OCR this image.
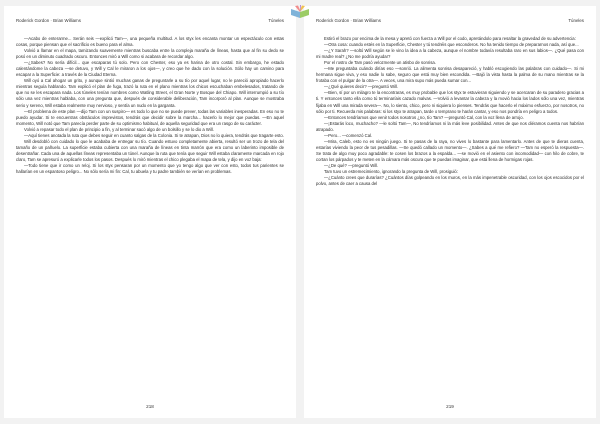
Roderick Gordon · Brian Williams	Túneles

—Acabo de enterarme... Serán seis —explicó Tam—, una pequeña multitud. A los styx les encanta montar un espectáculo con estas cosas, porque piensan que el sacrificio es bueno para el alma.

Volvió a llamar en el mapa, tamizando suavemente mientras buscaba entre la compleja maraña de líneas, hasta que al fin su dedo se posó en un diminuto cuadrado oscuro. Entonces miró a Will como si acabara de recordar algo.

—¿Sabes? No sería difícil... que escaparas tú solo. Pero con Chester, eso ya es harina de otro costal. Sin embargo, he estado calentándome la cabeza —se detuvo, y Will y Cal le miraron a los ojos—, y creo que he dado con la solución. Sólo hay un camino para escapar a la Superficie: a través de la Ciudad Eterna.

Will oyó a Cal ahogar un grito, y aunque sintió muchas ganas de preguntarle a su tío por aquel lugar, no le pareció apropiado hacerlo mientras seguía hablando. Tam explicó el plan de fuga, trazó la ruta en el plano mientras los chicos escuchaban embelesados, tratando de que no se les escapara nada. Los túneles tenían nombres como Watling Street, el Gran Norte y Bosque del Chiapo. Will interrumpió a su tío sólo una vez mientras hablaba, con una pregunta que, después de considerable deliberación, Tam incorporó al plan. Aunque se mostraba serio y sereno, Will estaba realmente muy nervioso, y sentía un nudo en la garganta.

—El problema de este plan —dijo Tam con un suspiro— es todo lo que no se puede prever, todas las variables inesperadas. En eso no te puedo ayudar. Si te encuentras obstáculos imprevistos, tendrás que decidir sobre la marcha... hacerlo lo mejor que puedas. —En aquel momento, Will notó que Tam parecía perder parte de su optimismo habitual, de aquella seguridad que era un rasgo de su carácter.

Volvió a repasar todo el plan de principio a fin, y al terminar sacó algo de un bolsillo y se lo dio a Will.

—Aquí tienes anotada la ruta que debes seguir en cuanto salgas de la Colonia. Si te atrapan, Dios no lo quiera, tendrás que tragarte esto.

Will desdobló con cuidado lo que le acababa de entregar su tío. Cuando estuvo completamente abierta, resultó ser un trozo de tela del tamaño de un pañuelo. La superficie estaba cubierta con una maraña de líneas en tinta marrón que era como un laberinto imposible de desentrañar. Cada una de aquellas líneas representaba un túnel. Aunque la ruta que tenía que seguir Will estaba claramente marcada en rojo claro, Tam se apresuró a explicarle todos los pasos. Después lo miró mientras el chico plegaba el mapa de tela, y dijo en voz baja:

—Todo tiene que ir como un reloj. Si los styx pensaran por un momento que yo tengo algo que ver con esto, todos tus parientes se hallarían en un espantoso peligro... No sólo sería mi fin: Cal, tu abuela y tu padre también se verían en problemas.

218
Roderick Gordon · Brian Williams	Túneles

Estiró el brazo por encima de la mesa y apretó con fuerza a Will por el codo, apretándolo para resaltar la gravedad de su advertencia:

—Otra cosa: cuando estés en la Superficie, Chester y tú tendréis que esconderos. No ha tenido tiempo de prepararnos nada, así que...

—¿Y Sarah? —soltó Will según se le vino la idea a la cabeza, aunque el nombre todavía resultaba raro en sus labios—. ¿Qué pasa con mi madre real? ¿No me podría ayudar?

Por el rostro de Tam pasó velozmente un atisbo de sonrisa.

—Me preguntaba cuándo dirías eso —sonrió. La alimenta sonrisa desapareció, y habló escogiendo las palabras con cuidado—. Si mi hermana sigue viva, y eso nadie lo sabe, seguro que está muy bien escondida. —Bajó la vista hasta la palma de su mano mientras se la frotaba con el pulgar de la otra—. A veces, una mira supo más pueda sumar con...

—¿Qué quieres decir? —preguntó Will.

—Bien, sí por un milagro te la encontraras, es muy probable que los styx te estuvieran siguiendo y se acercaran de su paradero gracias a ti. Y entonces tanto ella como tú terminaríais cazado malvas. —Volvió a levantar la cabeza y la movió hacia los lados sólo una vez, mientras fijaba en Will una mirada severa—. No, lo siento, chico, pero ni siquiera lo pienses. Tendrás que hacerlo el máximo esfuerzo, por nosotros, no sólo por ti. Recuerda mis palabras: si los styx te atrapan, tarde o temprano te harán cantar, y eso nos pondría en peligro a todos.

—Entonces tendríamos que venir todos nosotros ¿no, tío Tam? —preguntó Cal, con la voz llena de arrojo.

—¡Estarás loco, muchacho? —le soltó Tam—, No tendríamos ni la más leve posibilidad. Antes de que nos diéramos cuenta nos habrían atrapado.

—Pero... —comenzó Cal.

—Mira, Caleb, esto no es ningún juego. Si te pasas de la raya, no vives lo bastante para lamentarlo. Antes de que te dieras cuenta, estarías viviendo la peor de tus pesadillas. —Se quedó callado un momento—. ¿Sabes a qué me refiero? —Tam no esperó la respuesta—. Se trata de algo muy poco agradable: te cosen los brazos a la espalda... —se movió en el asiento con incomodidad— con hilo de cobre, te cortan los párpados y te meten en la cámara más oscura que te puedas imaginar, que está llena de hormigas rojas.

—¿De qué? —preguntó Will.

Tam tuvo un estremecimiento, ignorando la pregunta de Will, prosiguió:

—¿Cuánto crees que durarías? ¿Cuántos días golpeando en los muros, en la más impenetrable oscuridad, con los ojos escocidos por el polvo, antes de caer a causa del

219
